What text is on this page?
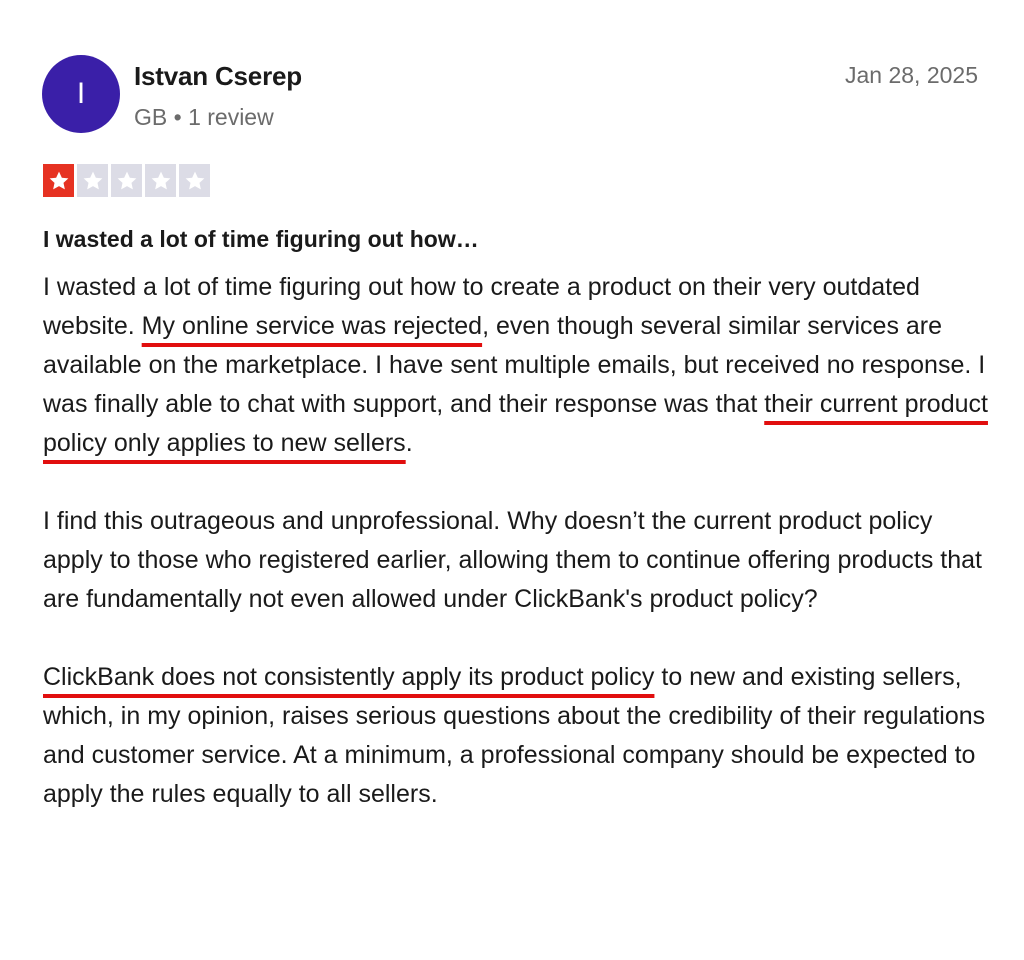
I
Istvan Cserep
GB • 1 review
Jan 28, 2025
I wasted a lot of time figuring out how…

I wasted a lot of time figuring out how to create a product on their very outdated website. My online service was rejected, even though several similar services are available on the marketplace. I have sent multiple emails, but received no response. I was finally able to chat with support, and their response was that their current product policy only applies to new sellers.

I find this outrageous and unprofessional. Why doesn’t the current product policy apply to those who registered earlier, allowing them to continue offering products that are fundamentally not even allowed under ClickBank's product policy?

ClickBank does not consistently apply its product policy to new and existing sellers, which, in my opinion, raises serious questions about the credibility of their regulations and customer service. At a minimum, a professional company should be expected to apply the rules equally to all sellers.
